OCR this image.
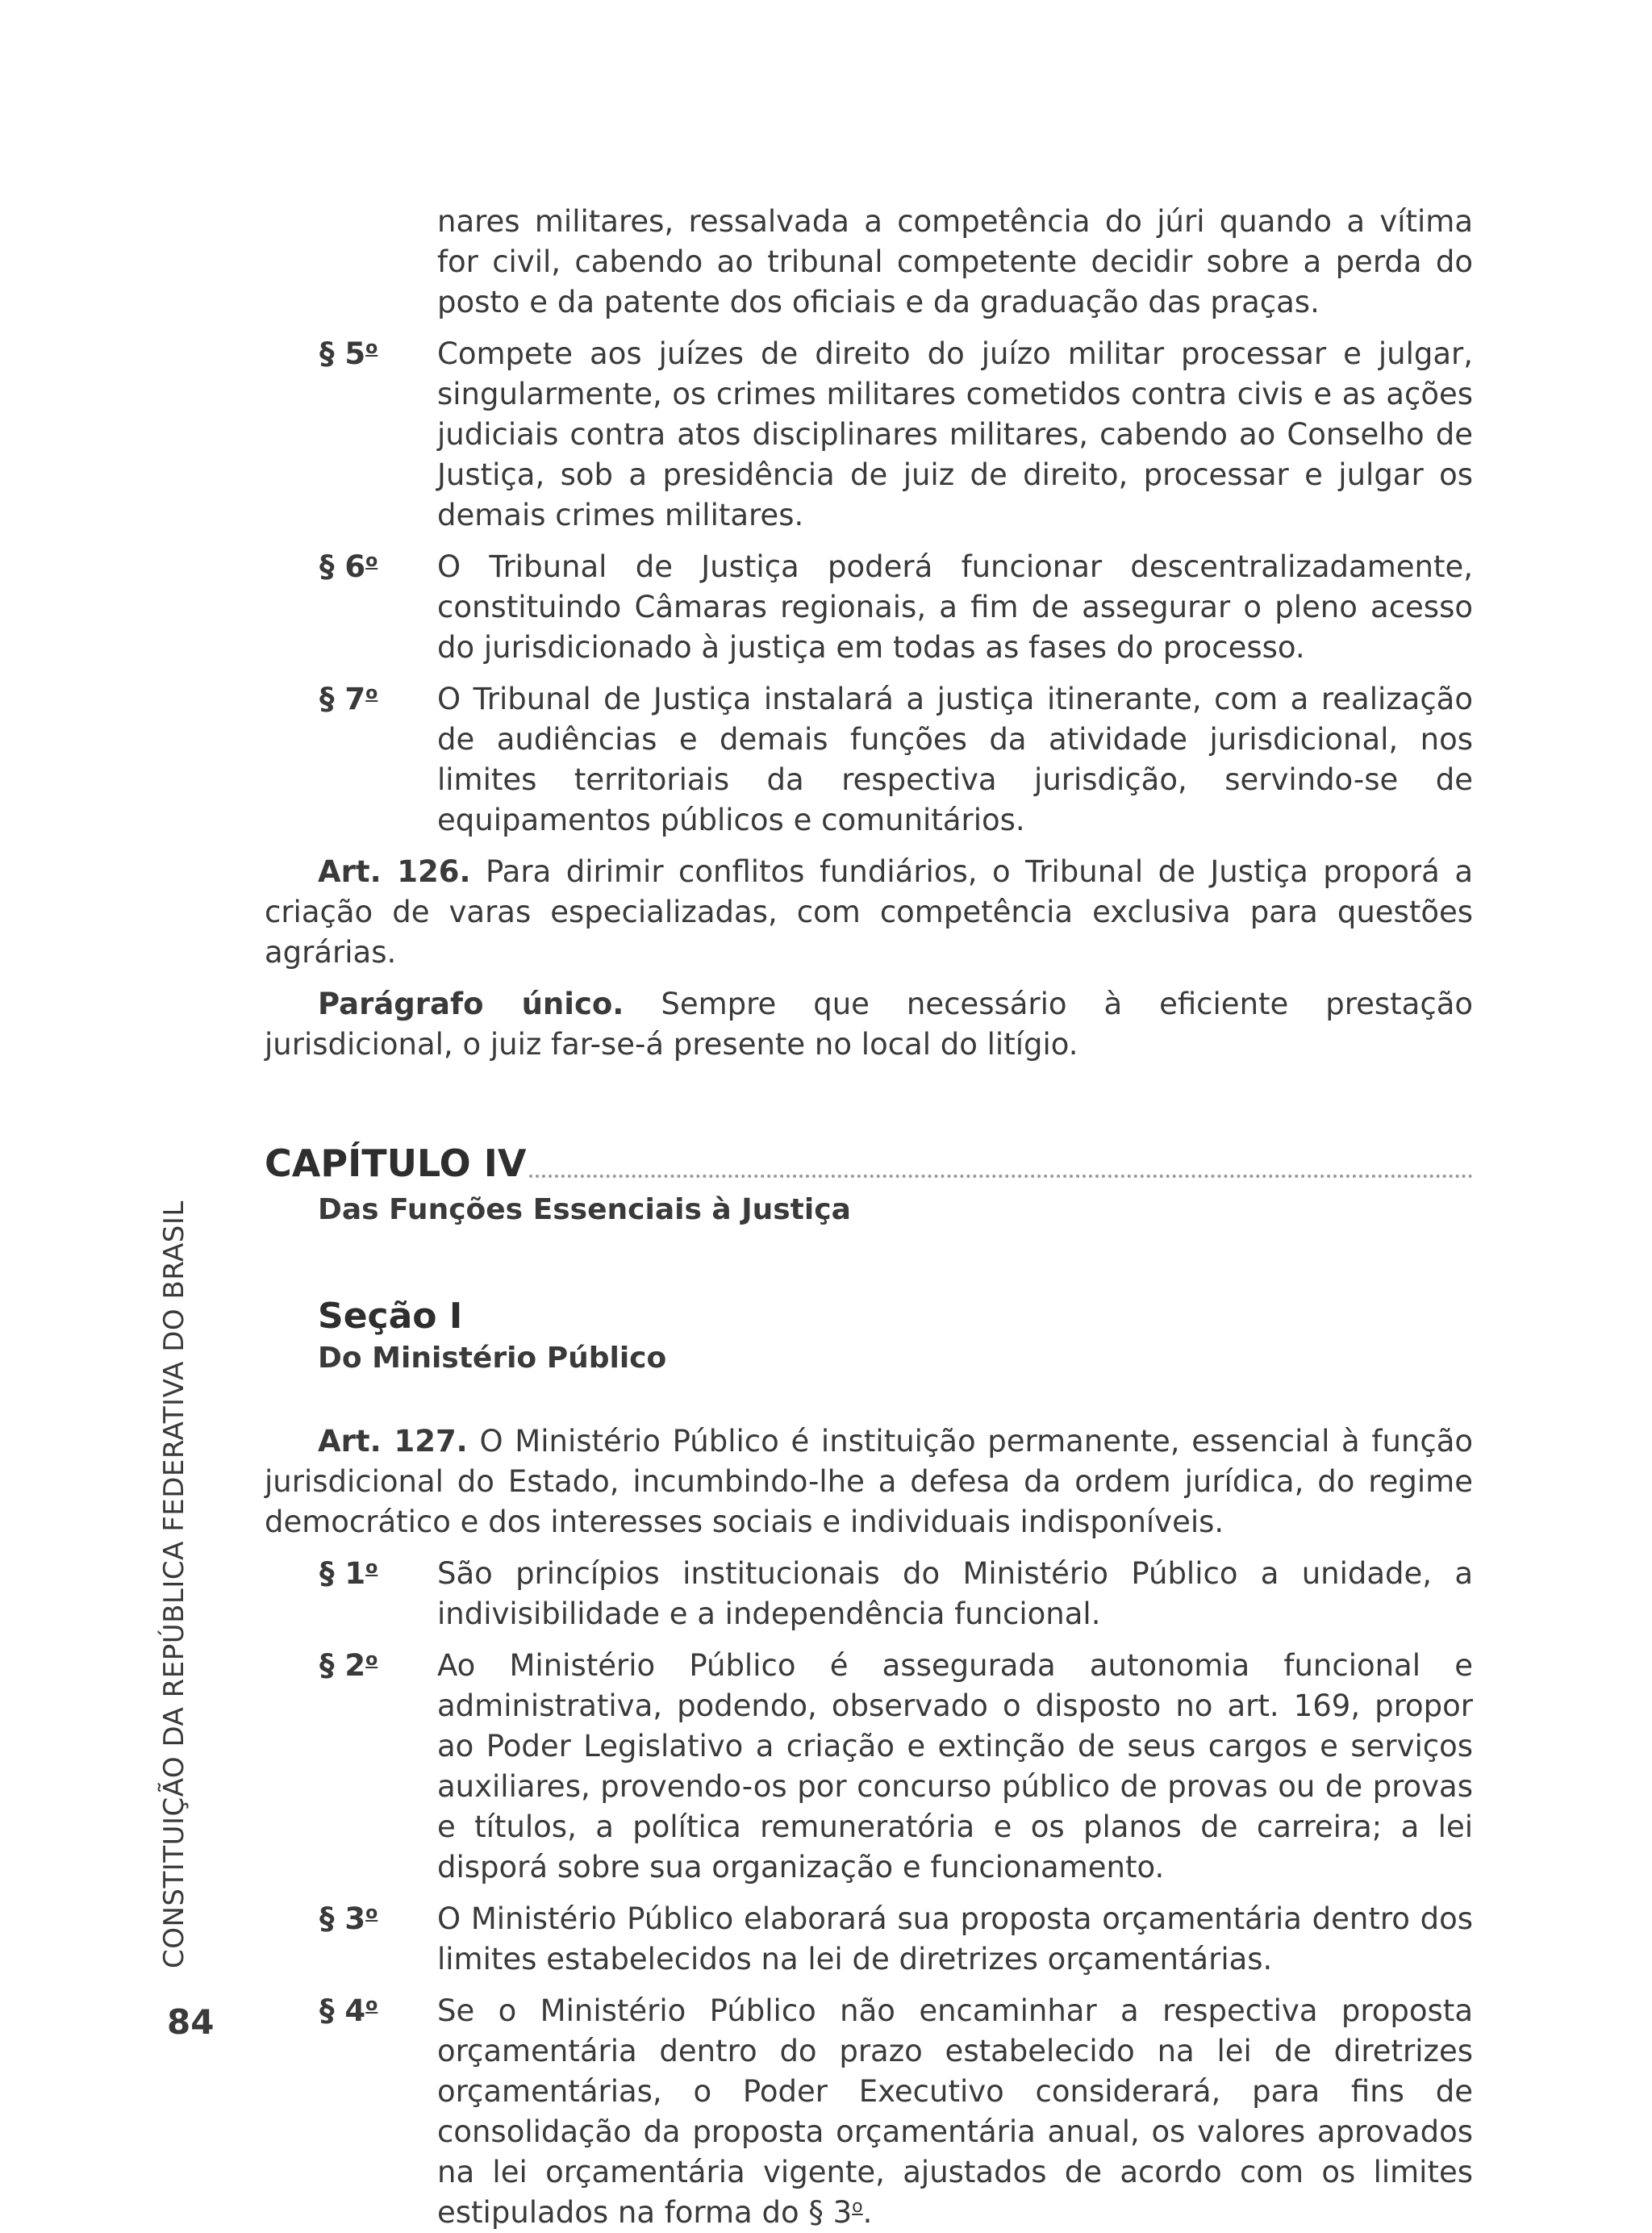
nares militares, ressalvada a competência do júri quando a vítima for civil, cabendo ao tribunal competente decidir sobre a perda do posto e da patente dos oficiais e da graduação das praças.
§ 5$^o$	Compete aos juízes de direito do juízo militar processar e julgar, singularmente, os crimes militares cometidos contra civis e as ações judiciais contra atos disciplinares militares, cabendo ao Conselho de Justiça, sob a presidência de juiz de direito, processar e julgar os demais crimes militares.
§ 6$^o$	O Tribunal de Justiça poderá funcionar descentralizadamente, constituindo Câmaras regionais, a fim de assegurar o pleno acesso do jurisdicionado à justiça em todas as fases do processo.
§ 7$^o$	O Tribunal de Justiça instalará a justiça itinerante, com a realização de audiências e demais funções da atividade jurisdicional, nos limites territoriais da respectiva jurisdição, servindo-se de equipamentos públicos e comunitários.
Art. 126. Para dirimir conflitos fundiários, o Tribunal de Justiça proporá a criação de varas especializadas, com competência exclusiva para questões agrárias.
Parágrafo único. Sempre que necessário à eficiente prestação jurisdicional, o juiz far-se-á presente no local do litígio.
CAPÍTULO IV
Das Funções Essenciais à Justiça
Seção I
Do Ministério Público
Art. 127. O Ministério Público é instituição permanente, essencial à função jurisdicional do Estado, incumbindo-lhe a defesa da ordem jurídica, do regime democrático e dos interesses sociais e individuais indisponíveis.
§ 1$^o$	São princípios institucionais do Ministério Público a unidade, a indivisibilidade e a independência funcional.
§ 2$^o$	Ao Ministério Público é assegurada autonomia funcional e administrativa, podendo, observado o disposto no art. 169, propor ao Poder Legislativo a criação e extinção de seus cargos e serviços auxiliares, provendo-os por concurso público de provas ou de provas e títulos, a política remuneratória e os planos de carreira; a lei disporá sobre sua organização e funcionamento.
§ 3$^o$	O Ministério Público elaborará sua proposta orçamentária dentro dos limites estabelecidos na lei de diretrizes orçamentárias.
§ 4$^o$	Se o Ministério Público não encaminhar a respectiva proposta orçamentária dentro do prazo estabelecido na lei de diretrizes orçamentárias, o Poder Executivo considerará, para fins de consolidação da proposta orçamentária anual, os valores aprovados na lei orçamentária vigente, ajustados de acordo com os limites estipulados na forma do § 3$^o$.
CONSTITUIÇÃO DA REPÚBLICA FEDERATIVA DO BRASIL
84
